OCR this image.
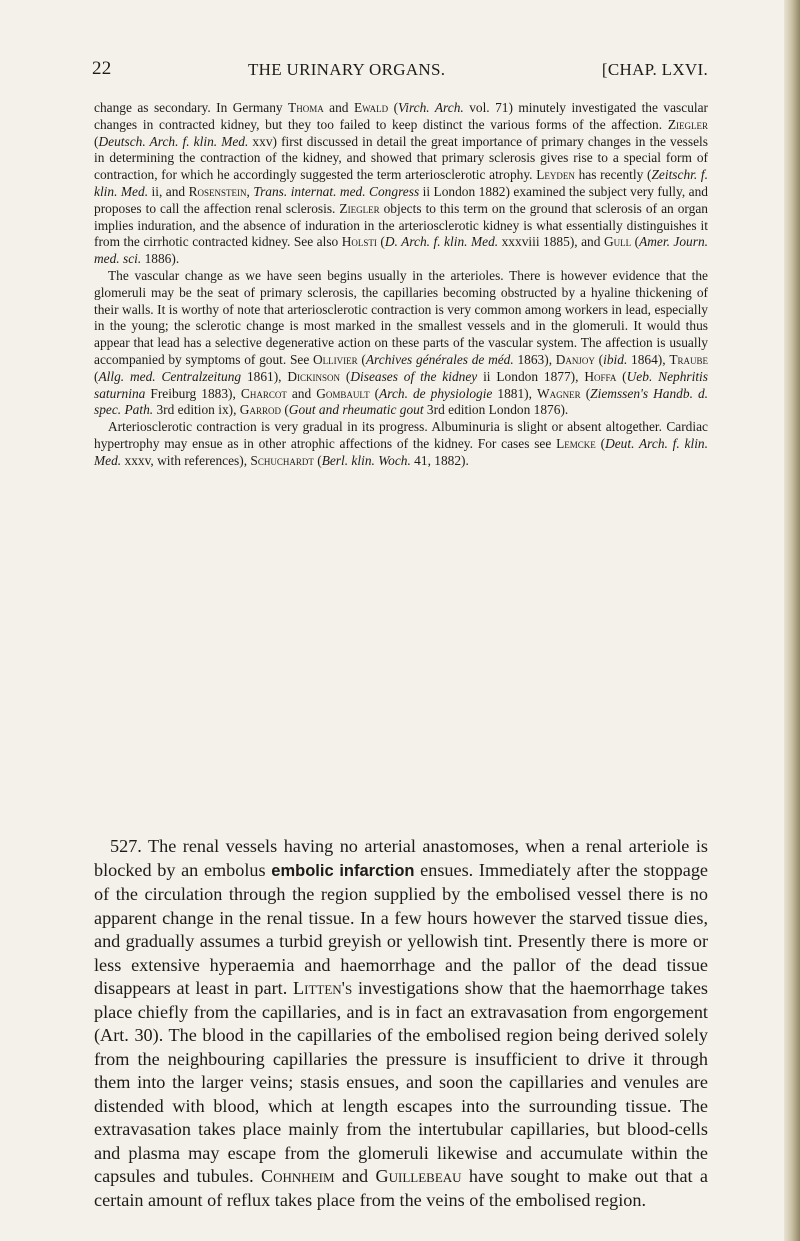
22	THE URINARY ORGANS.	[CHAP. LXVI.

change as secondary. In Germany Thoma and Ewald (Virch. Arch. vol. 71) minutely investigated the vascular changes in contracted kidney, but they too failed to keep distinct the various forms of the affection. Ziegler (Deutsch. Arch. f. klin. Med. xxv) first discussed in detail the great importance of primary changes in the vessels in determining the contraction of the kidney, and showed that primary sclerosis gives rise to a special form of contraction, for which he accordingly suggested the term arteriosclerotic atrophy. Leyden has recently (Zeitschr. f. klin. Med. ii, and Rosenstein, Trans. internat. med. Congress ii London 1882) examined the subject very fully, and proposes to call the affection renal sclerosis. Ziegler objects to this term on the ground that sclerosis of an organ implies induration, and the absence of induration in the arteriosclerotic kidney is what essentially distinguishes it from the cirrhotic contracted kidney. See also Holsti (D. Arch. f. klin. Med. xxxviii 1885), and Gull (Amer. Journ. med. sci. 1886).

The vascular change as we have seen begins usually in the arterioles. There is however evidence that the glomeruli may be the seat of primary sclerosis, the capillaries becoming obstructed by a hyaline thickening of their walls. It is worthy of note that arteriosclerotic contraction is very common among workers in lead, especially in the young; the sclerotic change is most marked in the smallest vessels and in the glomeruli. It would thus appear that lead has a selective degenerative action on these parts of the vascular system. The affection is usually accompanied by symptoms of gout. See Ollivier (Archives générales de méd. 1863), Danjoy (ibid. 1864), Traube (Allg. med. Centralzeitung 1861), Dickinson (Diseases of the kidney ii London 1877), Hoffa (Ueb. Nephritis saturnina Freiburg 1883), Charcot and Gombault (Arch. de physiologie 1881), Wagner (Ziemssen's Handb. d. spec. Path. 3rd edition ix), Garrod (Gout and rheumatic gout 3rd edition London 1876).

Arteriosclerotic contraction is very gradual in its progress. Albuminuria is slight or absent altogether. Cardiac hypertrophy may ensue as in other atrophic affections of the kidney. For cases see Lemcke (Deut. Arch. f. klin. Med. xxxv, with references), Schuchardt (Berl. klin. Woch. 41, 1882).

527. The renal vessels having no arterial anastomoses, when a renal arteriole is blocked by an embolus embolic infarction ensues. Immediately after the stoppage of the circulation through the region supplied by the embolised vessel there is no apparent change in the renal tissue. In a few hours however the starved tissue dies, and gradually assumes a turbid greyish or yellowish tint. Presently there is more or less extensive hyperaemia and haemorrhage and the pallor of the dead tissue disappears at least in part. Litten's investigations show that the haemorrhage takes place chiefly from the capillaries, and is in fact an extravasation from engorgement (Art. 30). The blood in the capillaries of the embolised region being derived solely from the neighbouring capillaries the pressure is insufficient to drive it through them into the larger veins; stasis ensues, and soon the capillaries and venules are distended with blood, which at length escapes into the surrounding tissue. The extravasation takes place mainly from the intertubular capillaries, but blood-cells and plasma may escape from the glomeruli likewise and accumulate within the capsules and tubules. Cohnheim and Guillebeau have sought to make out that a certain amount of reflux takes place from the veins of the embolised region.
